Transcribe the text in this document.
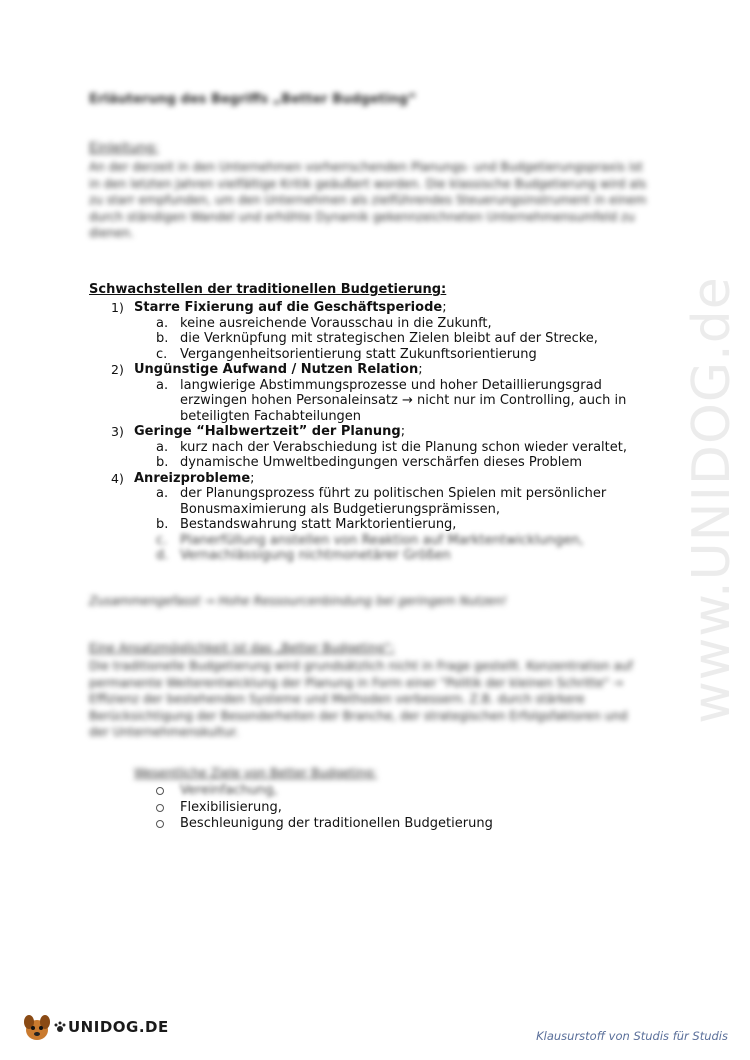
www.UNIDOG.de
Erläuterung des Begriffs „Better Budgeting“
Einleitung:
An der derzeit in den Unternehmen vorherrschenden Planungs- und Budgetierungspraxis ist in den letzten Jahren vielfältige Kritik geäußert worden. Die klassische Budgetierung wird als zu starr empfunden, um den Unternehmen als zielführendes Steuerungsinstrument in einem durch ständigen Wandel und erhöhte Dynamik gekennzeichneten Unternehmensumfeld zu dienen.
Schwachstellen der traditionellen Budgetierung:
1) Starre Fixierung auf die Geschäftsperiode;
a. keine ausreichende Vorausschau in die Zukunft,
b. die Verknüpfung mit strategischen Zielen bleibt auf der Strecke,
c. Vergangenheitsorientierung statt Zukunftsorientierung
2) Ungünstige Aufwand / Nutzen Relation;
a. langwierige Abstimmungsprozesse und hoher Detaillierungsgrad erzwingen hohen Personaleinsatz → nicht nur im Controlling, auch in beteiligten Fachabteilungen
3) Geringe “Halbwertzeit” der Planung;
a. kurz nach der Verabschiedung ist die Planung schon wieder veraltet,
b. dynamische Umweltbedingungen verschärfen dieses Problem
4) Anreizprobleme;
a. der Planungsprozess führt zu politischen Spielen mit persönlicher Bonusmaximierung als Budgetierungsprämissen,
b. Bestandswahrung statt Marktorientierung,
c. Planerfüllung anstellen von Reaktion auf Marktentwicklungen,
d. Vernachlässigung nichtmonetärer Größen
Zusammengefasst → Hohe Ressourcenbindung bei geringem Nutzen!
Eine Ansatzmöglichkeit ist das „Better Budgeting“:
Die traditionelle Budgetierung wird grundsätzlich nicht in Frage gestellt. Konzentration auf permanente Weiterentwicklung der Planung in Form einer "Politik der kleinen Schritte" → Effizienz der bestehenden Systeme und Methoden verbessern. Z.B. durch stärkere Berücksichtigung der Besonderheiten der Branche, der strategischen Erfolgsfaktoren und der Unternehmenskultur.
Wesentliche Ziele von Better Budgeting:
Vereinfachung,
Flexibilisierung,
Beschleunigung der traditionellen Budgetierung
UNIDOG.DE	Klausurstoff von Studis für Studis
